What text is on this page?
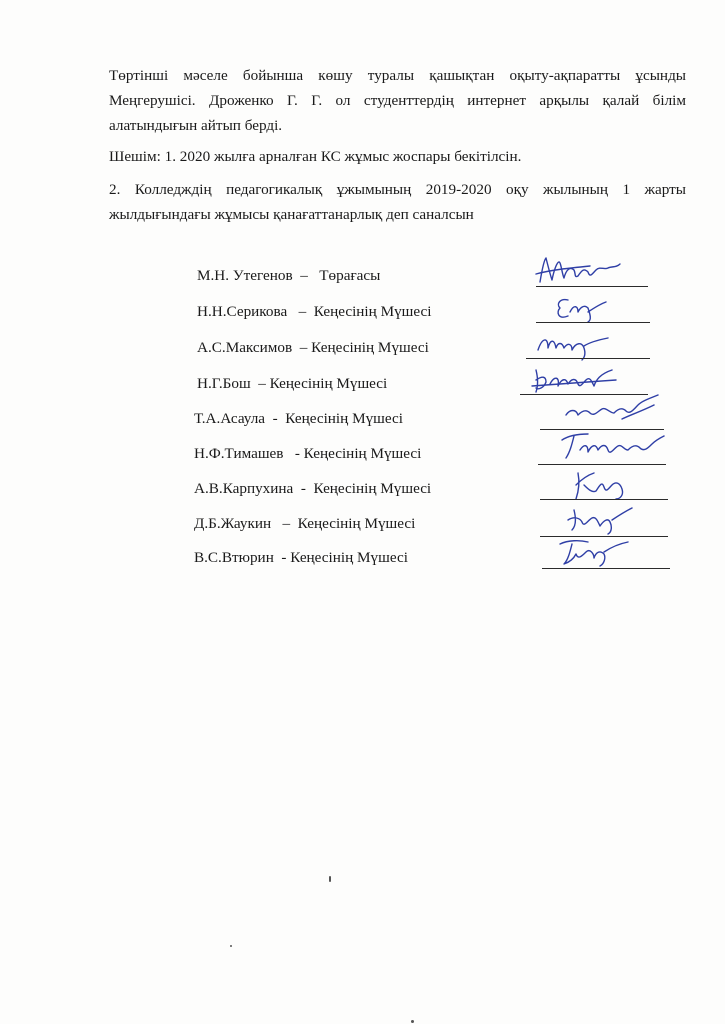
Төртінші мәселе бойынша көшу туралы қашықтан оқыту-ақпаратты ұсынды
Меңгерушісі. Дроженко Г. Г. ол студенттердің интернет арқылы қалай білім
алатындығын айтып берді.

Шешім: 1. 2020 жылға арналған КС жұмыс жоспары бекітілсін.

2. Колледждің педагогикалық ұжымының 2019-2020 оқу жылының 1 жарты
жылдығындағы жұмысы қанағаттанарлық деп саналсын

М.Н. Утегенов  –   Төрағасы
Н.Н.Серикова   –  Кеңесінің Мүшесі
А.С.Максимов  – Кеңесінің Мүшесі
Н.Г.Бош  – Кеңесінің Мүшесі
Т.А.Асаула  -  Кеңесінің Мүшесі
Н.Ф.Тимашев   - Кеңесінің Мүшесі
А.В.Карпухина  -  Кеңесінің Мүшесі
Д.Б.Жаукин   –  Кеңесінің Мүшесі
В.С.Втюрин  - Кеңесінің Мүшесі
